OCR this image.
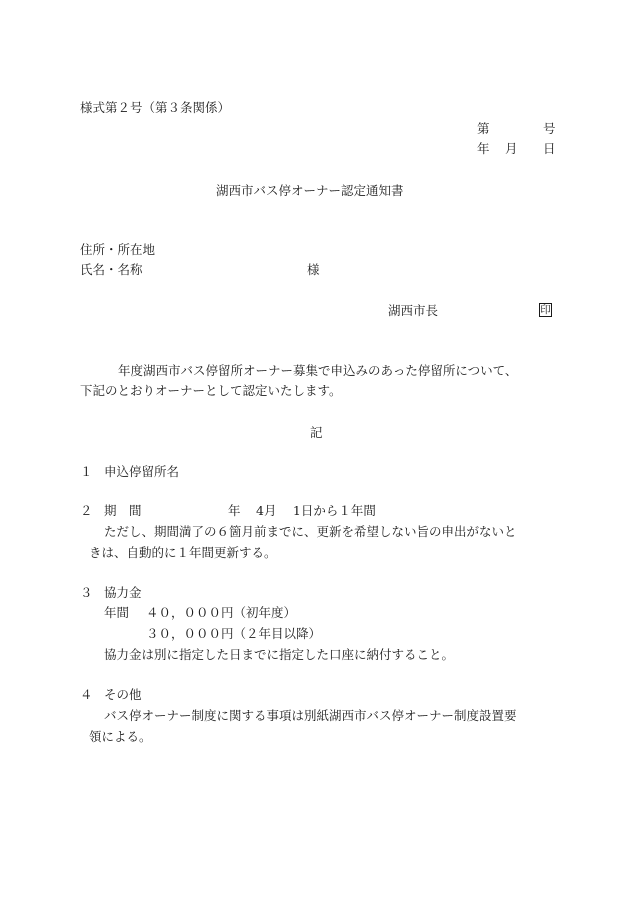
様式第２号（第３条関係）
第	号
年 月 日
湖西市バス停オーナー認定通知書
住所・所在地
氏名・名称	様
湖西市長	印
年度湖西市バス停留所オーナー募集で申込みのあった停留所について、
下記のとおりオーナーとして認定いたします。
記
１ 申込停留所名
２ 期　間	年 4月　 1日から１年間
ただし、期間満了の６箇月前までに、更新を希望しない旨の申出がないと
きは、自動的に１年間更新する。
３ 協力金
年間 ４０，０００円（初年度）
３０，０００円（２年目以降）
協力金は別に指定した日までに指定した口座に納付すること。
４ その他
バス停オーナー制度に関する事項は別紙湖西市バス停オーナー制度設置要
領による。
